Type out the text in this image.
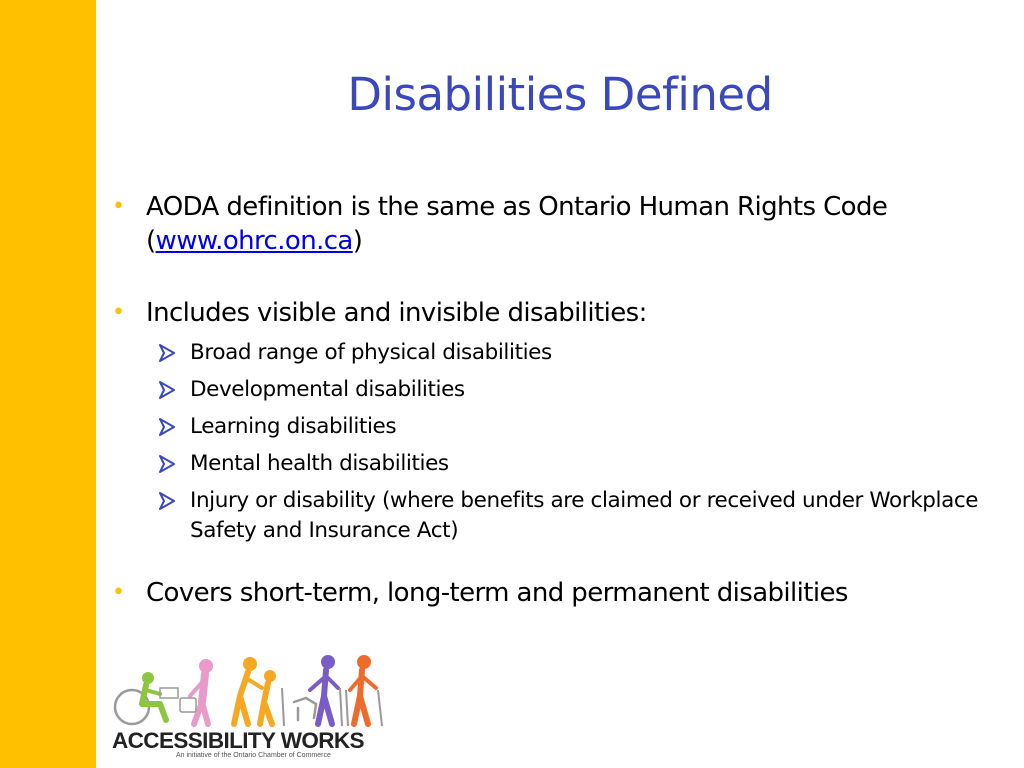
Disabilities Defined
• AODA definition is the same as Ontario Human Rights Code (www.ohrc.on.ca)
• Includes visible and invisible disabilities:
Broad range of physical disabilities
Developmental disabilities
Learning disabilities
Mental health disabilities
Injury or disability (where benefits are claimed or received under Workplace Safety and Insurance Act)
• Covers short-term, long-term and permanent disabilities
ACCESSIBILITY WORKS
An initiative of the Ontario Chamber of Commerce
